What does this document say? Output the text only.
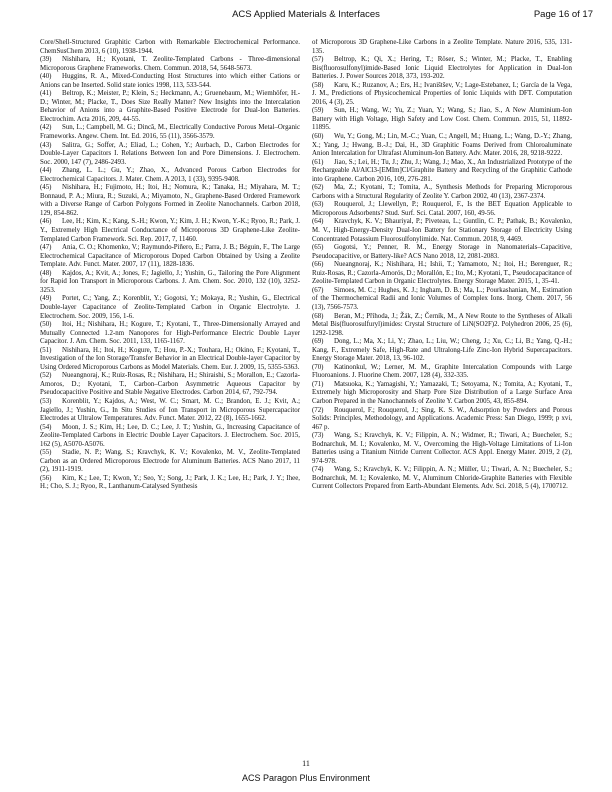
ACS Applied Materials & Interfaces	Page 16 of 17

Core/Shell-Structured Graphitic Carbon with Remarkable Electrochemical Performance. ChemSusChem 2013, 6 (10), 1938-1944.

(39) Nishihara, H.; Kyotani, T. Zeolite-Templated Carbons - Three-dimensional Microporous Graphene Frameworks. Chem. Commun. 2018, 54, 5648-5673.

(40) Huggins, R. A., Mixed-Conducting Host Structures into which either Cations or Anions can be Inserted. Solid state ionics 1998, 113, 533-544.

(41) Beltrop, K.; Meister, P.; Klein, S.; Heckmann, A.; Gruenebaum, M.; Wiemhöfer, H.-D.; Winter, M.; Placke, T., Does Size Really Matter? New Insights into the Intercalation Behavior of Anions into a Graphite-Based Positive Electrode for Dual-Ion Batteries. Electrochim. Acta 2016, 209, 44-55.

(42) Sun, L.; Campbell, M. G.; Dincă, M., Electrically Conductive Porous Metal–Organic Frameworks. Angew. Chem. Int. Ed. 2016, 55 (11), 3566-3579.

(43) Salitra, G.; Soffer, A.; Eliad, L.; Cohen, Y.; Aurbach, D., Carbon Electrodes for Double-Layer Capacitors I. Relations Between Ion and Pore Dimensions. J. Electrochem. Soc. 2000, 147 (7), 2486-2493.

(44) Zhang, L. L.; Gu, Y.; Zhao, X., Advanced Porous Carbon Electrodes for Electrochemical Capacitors. J. Mater. Chem. A 2013, 1 (33), 9395-9408.

(45) Nishihara, H.; Fujimoto, H.; Itoi, H.; Nomura, K.; Tanaka, H.; Miyahara, M. T.; Bonnaud, P. A.; Miura, R.; Suzuki, A.; Miyamoto, N., Graphene-Based Ordered Framework with a Diverse Range of Carbon Polygons Formed in Zeolite Nanochannels. Carbon 2018, 129, 854-862.

(46) Lee, H.; Kim, K.; Kang, S.-H.; Kwon, Y.; Kim, J. H.; Kwon, Y.-K.; Ryoo, R.; Park, J. Y., Extremely High Electrical Conductance of Microporous 3D Graphene-Like Zeolite-Templated Carbon Framework. Sci. Rep. 2017, 7, 11460.

(47) Ania, C. O.; Khomenko, V.; Raymundo-Piñero, E.; Parra, J. B.; Béguin, F., The Large Electrochemical Capacitance of Microporous Doped Carbon Obtained by Using a Zeolite Template. Adv. Funct. Mater. 2007, 17 (11), 1828-1836.

(48) Kajdos, A.; Kvit, A.; Jones, F.; Jagiello, J.; Yushin, G., Tailoring the Pore Alignment for Rapid Ion Transport in Microporous Carbons. J. Am. Chem. Soc. 2010, 132 (10), 3252-3253.

(49) Portet, C.; Yang, Z.; Korenblit, Y.; Gogotsi, Y.; Mokaya, R.; Yushin, G., Electrical Double-layer Capacitance of Zeolite-Templated Carbon in Organic Electrolyte. J. Electrochem. Soc. 2009, 156, 1-6.

(50) Itoi, H.; Nishihara, H.; Kogure, T.; Kyotani, T., Three-Dimensionally Arrayed and Mutually Connected 1.2-nm Nanopores for High-Performance Electric Double Layer Capacitor. J. Am. Chem. Soc. 2011, 133, 1165-1167.

(51) Nishihara, H.; Itoi, H.; Kogure, T.; Hou, P.-X.; Touhara, H.; Okino, F.; Kyotani, T., Investigation of the Ion Storage/Transfer Behavior in an Electrical Double-layer Capacitor by Using Ordered Microporous Carbons as Model Materials. Chem. Eur. J. 2009, 15, 5355-5363.

(52) Nueangnoraj, K.; Ruiz-Rosas, R.; Nishihara, H.; Shiraishi, S.; Morallon, E.; Cazorla-Amoros, D.; Kyotani, T., Carbon–Carbon Asymmetric Aqueous Capacitor by Pseudocapacitive Positive and Stable Negative Electrodes. Carbon 2014, 67, 792-794.

(53) Korenblit, Y.; Kajdos, A.; West, W. C.; Smart, M. C.; Brandon, E. J.; Kvit, A.; Jagiello, J.; Yushin, G., In Situ Studies of Ion Transport in Microporous Supercapacitor Electrodes at Ultralow Temperatures. Adv. Funct. Mater. 2012, 22 (8), 1655-1662.

(54) Moon, J. S.; Kim, H.; Lee, D. C.; Lee, J. T.; Yushin, G., Increasing Capacitance of Zeolite-Templated Carbons in Electric Double Layer Capacitors. J. Electrochem. Soc. 2015, 162 (5), A5070-A5076.

(55) Stadie, N. P.; Wang, S.; Kravchyk, K. V.; Kovalenko, M. V., Zeolite-Templated Carbon as an Ordered Microporous Electrode for Aluminum Batteries. ACS Nano 2017, 11 (2), 1911-1919.

(56) Kim, K.; Lee, T.; Kwon, Y.; Seo, Y.; Song, J.; Park, J. K.; Lee, H.; Park, J. Y.; Ihee, H.; Cho, S. J.; Ryoo, R., Lanthanum-Catalysed Synthesis

of Microporous 3D Graphene-Like Carbons in a Zeolite Template. Nature 2016, 535, 131-135.

(57) Beltrop, K.; Qi, X.; Hering, T.; Röser, S.; Winter, M.; Placke, T., Enabling Bis(fluorosulfonyl)imide-Based Ionic Liquid Electrolytes for Application in Dual-Ion Batteries. J. Power Sources 2018, 373, 193-202.

(58) Karu, K.; Ruzanov, A.; Ers, H.; Ivaništšev, V.; Lage-Estebanez, I.; García de la Vega, J. M., Predictions of Physicochemical Properties of Ionic Liquids with DFT. Computation 2016, 4 (3), 25.

(59) Sun, H.; Wang, W.; Yu, Z.; Yuan, Y.; Wang, S.; Jiao, S., A New Aluminium-Ion Battery with High Voltage, High Safety and Low Cost. Chem. Commun. 2015, 51, 11892-11895.

(60) Wu, Y.; Gong, M.; Lin, M.-C.; Yuan, C.; Angell, M.; Huang, L.; Wang, D.-Y.; Zhang, X.; Yang, J.; Hwang, B.-J.; Dai, H., 3D Graphitic Foams Derived from Chloroaluminate Anion Intercalation for Ultrafast Aluminum-Ion Battery. Adv. Mater. 2016, 28, 9218-9222.

(61) Jiao, S.; Lei, H.; Tu, J.; Zhu, J.; Wang, J.; Mao, X., An Industrialized Prototype of the Rechargeable Al/AlCl3-[EMIm]Cl/Graphite Battery and Recycling of the Graphitic Cathode into Graphene. Carbon 2016, 109, 276-281.

(62) Ma, Z.; Kyotani, T.; Tomita, A., Synthesis Methods for Preparing Microporous Carbons with a Structural Regularity of Zeolite Y. Carbon 2002, 40 (13), 2367-2374.

(63) Rouquerol, J.; Llewellyn, P.; Rouquerol, F., Is the BET Equation Applicable to Microporous Adsorbents? Stud. Surf. Sci. Catal. 2007, 160, 49-56.

(64) Kravchyk, K. V.; Bhauriyal, P.; Piveteau, L.; Guntlin, C. P.; Pathak, B.; Kovalenko, M. V., High-Energy-Density Dual-Ion Battery for Stationary Storage of Electricity Using Concentrated Potassium Fluorosulfonylimide. Nat. Commun. 2018, 9, 4469.

(65) Gogotsi, Y.; Penner, R. M., Energy Storage in Nanomaterials–Capacitive, Pseudocapacitive, or Battery-like? ACS Nano 2018, 12, 2081-2083.

(66) Nueangnoraj, K.; Nishihara, H.; Ishii, T.; Yamamoto, N.; Itoi, H.; Berenguer, R.; Ruiz-Rosas, R.; Cazorla-Amorós, D.; Morallón, E.; Ito, M.; Kyotani, T., Pseudocapacitance of Zeolite-Templated Carbon in Organic Electrolytes. Energy Storage Mater. 2015, 1, 35-41.

(67) Simoes, M. C.; Hughes, K. J.; Ingham, D. B.; Ma, L.; Pourkashanian, M., Estimation of the Thermochemical Radii and Ionic Volumes of Complex Ions. Inorg. Chem. 2017, 56 (13), 7566-7573.

(68) Beran, M.; Příhoda, J.; Žák, Z.; Černík, M., A New Route to the Syntheses of Alkali Metal Bis(fluorosulfuryl)imides: Crystal Structure of LiN(SO2F)2. Polyhedron 2006, 25 (6), 1292-1298.

(69) Dong, L.; Ma, X.; Li, Y.; Zhao, L.; Liu, W.; Cheng, J.; Xu, C.; Li, B.; Yang, Q.-H.; Kang, F., Extremely Safe, High-Rate and Ultralong-Life Zinc-Ion Hybrid Supercapacitors. Energy Storage Mater. 2018, 13, 96-102.

(70) Katinonkul, W.; Lerner, M. M., Graphite Intercalation Compounds with Large Fluoroanions. J. Fluorine Chem. 2007, 128 (4), 332-335.

(71) Matsuoka, K.; Yamagishi, Y.; Yamazaki, T.; Setoyama, N.; Tomita, A.; Kyotani, T., Extremely high Microporosity and Sharp Pore Size Distribution of a Large Surface Area Carbon Prepared in the Nanochannels of Zeolite Y. Carbon 2005, 43, 855-894.

(72) Rouquerol, F.; Rouquerol, J.; Sing, K. S. W., Adsorption by Powders and Porous Solids: Principles, Methodology, and Applications. Academic Press: San Diego, 1999; p xvi, 467 p.

(73) Wang, S.; Kravchyk, K. V.; Filippin, A. N.; Widmer, R.; Tiwari, A.; Buecheler, S.; Bodnarchuk, M. I.; Kovalenko, M. V., Overcoming the High-Voltage Limitations of Li-Ion Batteries using a Titanium Nitride Current Collector. ACS Appl. Energy Mater. 2019, 2 (2), 974-978.

(74) Wang, S.; Kravchyk, K. V.; Filippin, A. N.; Müller, U.; Tiwari, A. N.; Buecheler, S.; Bodnarchuk, M. I.; Kovalenko, M. V., Aluminum Chloride-Graphite Batteries with Flexible Current Collectors Prepared from Earth-Abundant Elements. Adv. Sci. 2018, 5 (4), 1700712.

11
ACS Paragon Plus Environment
